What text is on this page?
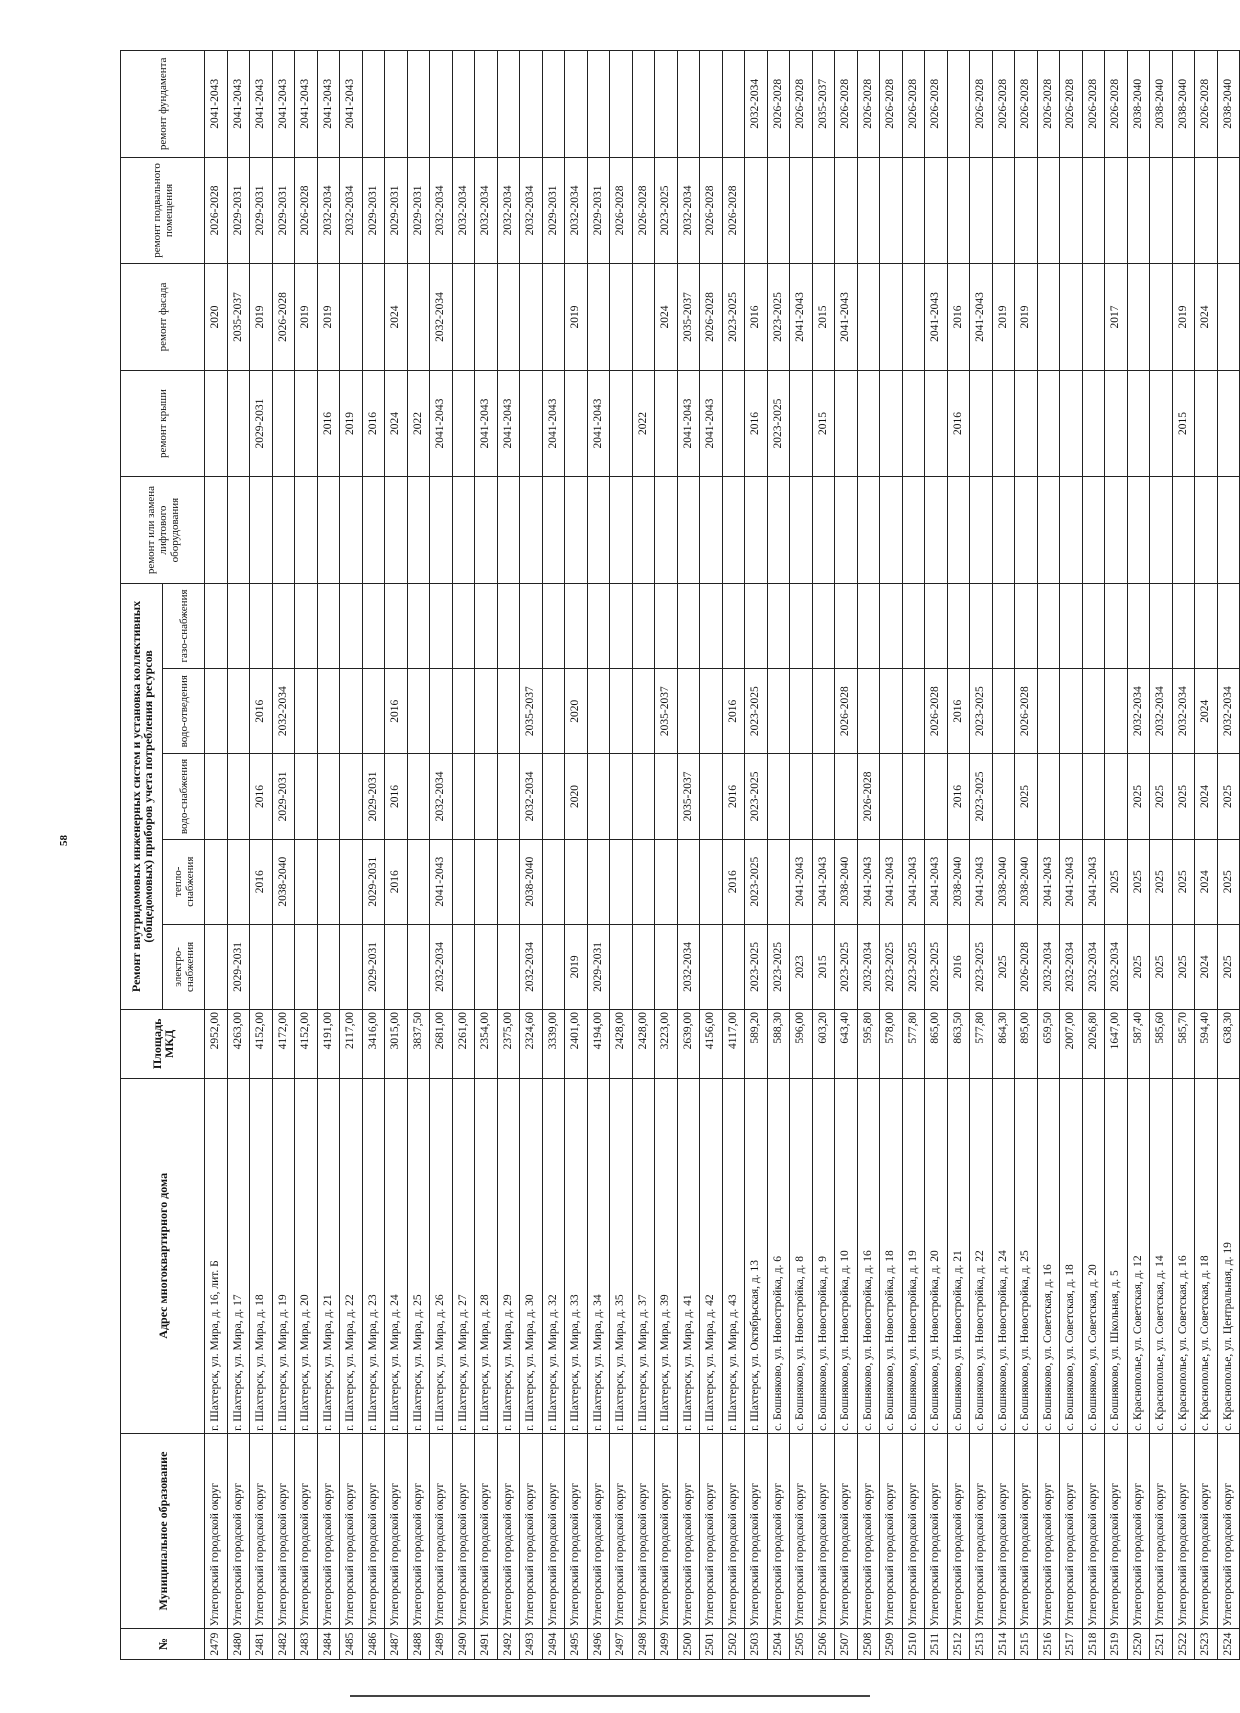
58
№	Муниципальное образование	Адрес многоквартирного дома	Площадь МКД	Ремонт внутридомовых инженерных систем и установка коллективных (общедомовых) приборов учета потребления ресурсов					ремонт или замена лифтового оборудования	ремонт крыши	ремонт фасада	ремонт подвального помещения	ремонт фундамента
				электро-снабжения	тепло-снабжения	водо-снабжения	водо-отведения	газо-снабжения					
2479	Углегорский городской округ	г. Шахтерск, ул. Мира, д. 16, лит. Б	2952,00								2020	2026-2028	2041-2043
2480	Углегорский городской округ	г. Шахтерск, ул. Мира, д. 17	4263,00	2029-2031							2035-2037	2029-2031	2041-2043
2481	Углегорский городской округ	г. Шахтерск, ул. Мира, д. 18	4152,00		2016	2016	2016			2029-2031	2019	2029-2031	2041-2043
2482	Углегорский городской округ	г. Шахтерск, ул. Мира, д. 19	4172,00		2038-2040	2029-2031	2032-2034				2026-2028	2029-2031	2041-2043
2483	Углегорский городской округ	г. Шахтерск, ул. Мира, д. 20	4152,00								2019	2026-2028	2041-2043
2484	Углегорский городской округ	г. Шахтерск, ул. Мира, д. 21	4191,00							2016	2019	2032-2034	2041-2043
2485	Углегорский городской округ	г. Шахтерск, ул. Мира, д. 22	2117,00							2019		2032-2034	2041-2043
2486	Углегорский городской округ	г. Шахтерск, ул. Мира, д. 23	3416,00	2029-2031	2029-2031	2029-2031				2016		2029-2031	
2487	Углегорский городской округ	г. Шахтерск, ул. Мира, д. 24	3015,00		2016	2016	2016			2024	2024	2029-2031	
2488	Углегорский городской округ	г. Шахтерск, ул. Мира, д. 25	3837,50							2022		2029-2031	
2489	Углегорский городской округ	г. Шахтерск, ул. Мира, д. 26	2681,00	2032-2034	2041-2043	2032-2034				2041-2043	2032-2034	2032-2034	
2490	Углегорский городской округ	г. Шахтерск, ул. Мира, д. 27	2261,00									2032-2034	
2491	Углегорский городской округ	г. Шахтерск, ул. Мира, д. 28	2354,00							2041-2043		2032-2034	
2492	Углегорский городской округ	г. Шахтерск, ул. Мира, д. 29	2375,00							2041-2043		2032-2034	
2493	Углегорский городской округ	г. Шахтерск, ул. Мира, д. 30	2324,60	2032-2034	2038-2040	2032-2034	2035-2037					2032-2034	
2494	Углегорский городской округ	г. Шахтерск, ул. Мира, д. 32	3339,00							2041-2043		2029-2031	
2495	Углегорский городской округ	г. Шахтерск, ул. Мира, д. 33	2401,00	2019		2020	2020				2019	2032-2034	
2496	Углегорский городской округ	г. Шахтерск, ул. Мира, д. 34	4194,00	2029-2031						2041-2043		2029-2031	
2497	Углегорский городской округ	г. Шахтерск, ул. Мира, д. 35	2428,00									2026-2028	
2498	Углегорский городской округ	г. Шахтерск, ул. Мира, д. 37	2428,00							2022		2026-2028	
2499	Углегорский городской округ	г. Шахтерск, ул. Мира, д. 39	3223,00				2035-2037				2024	2023-2025	
2500	Углегорский городской округ	г. Шахтерск, ул. Мира, д. 41	2639,00	2032-2034		2035-2037				2041-2043	2035-2037	2032-2034	
2501	Углегорский городской округ	г. Шахтерск, ул. Мира, д. 42	4156,00							2041-2043	2026-2028	2026-2028	
2502	Углегорский городской округ	г. Шахтерск, ул. Мира, д. 43	4117,00		2016	2016	2016				2023-2025	2026-2028	
2503	Углегорский городской округ	г. Шахтерск, ул. Октябрьская, д. 13	589,20	2023-2025	2023-2025	2023-2025	2023-2025			2016	2016		2032-2034
2504	Углегорский городской округ	с. Бошняково, ул. Новостройка, д. 6	588,30	2023-2025						2023-2025	2023-2025		2026-2028
2505	Углегорский городской округ	с. Бошняково, ул. Новостройка, д. 8	596,00	2023	2041-2043						2041-2043		2026-2028
2506	Углегорский городской округ	с. Бошняково, ул. Новостройка, д. 9	603,20	2015	2041-2043					2015	2015		2035-2037
2507	Углегорский городской округ	с. Бошняково, ул. Новостройка, д. 10	643,40	2023-2025	2038-2040		2026-2028				2041-2043		2026-2028
2508	Углегорский городской округ	с. Бошняково, ул. Новостройка, д. 16	595,80	2032-2034	2041-2043	2026-2028							2026-2028
2509	Углегорский городской округ	с. Бошняково, ул. Новостройка, д. 18	578,00	2023-2025	2041-2043								2026-2028
2510	Углегорский городской округ	с. Бошняково, ул. Новостройка, д. 19	577,80	2023-2025	2041-2043								2026-2028
2511	Углегорский городской округ	с. Бошняково, ул. Новостройка, д. 20	865,00	2023-2025	2041-2043		2026-2028				2041-2043		2026-2028
2512	Углегорский городской округ	с. Бошняково, ул. Новостройка, д. 21	863,50	2016	2038-2040	2016	2016			2016	2016		
2513	Углегорский городской округ	с. Бошняково, ул. Новостройка, д. 22	577,80	2023-2025	2041-2043	2023-2025	2023-2025				2041-2043		2026-2028
2514	Углегорский городской округ	с. Бошняково, ул. Новостройка, д. 24	864,30	2025	2038-2040						2019		2026-2028
2515	Углегорский городской округ	с. Бошняково, ул. Новостройка, д. 25	895,00	2026-2028	2038-2040	2025	2026-2028				2019		2026-2028
2516	Углегорский городской округ	с. Бошняково, ул. Советская, д. 16	659,50	2032-2034	2041-2043								2026-2028
2517	Углегорский городской округ	с. Бошняково, ул. Советская, д. 18	2007,00	2032-2034	2041-2043								2026-2028
2518	Углегорский городской округ	с. Бошняково, ул. Советская, д. 20	2026,80	2032-2034	2041-2043								2026-2028
2519	Углегорский городской округ	с. Бошняково, ул. Школьная, д. 5	1647,00	2032-2034	2025						2017		2026-2028
2520	Углегорский городской округ	с. Краснополье, ул. Советская, д. 12	587,40	2025	2025	2025	2032-2034						2038-2040
2521	Углегорский городской округ	с. Краснополье, ул. Советская, д. 14	585,60	2025	2025	2025	2032-2034						2038-2040
2522	Углегорский городской округ	с. Краснополье, ул. Советская, д. 16	585,70	2025	2025	2025	2032-2034			2015	2019		2038-2040
2523	Углегорский городской округ	с. Краснополье, ул. Советская, д. 18	594,40	2024	2024	2024	2024				2024		2026-2028
2524	Углегорский городской округ	с. Краснополье, ул. Центральная, д. 19	638,30	2025	2025	2025	2032-2034						2038-2040
